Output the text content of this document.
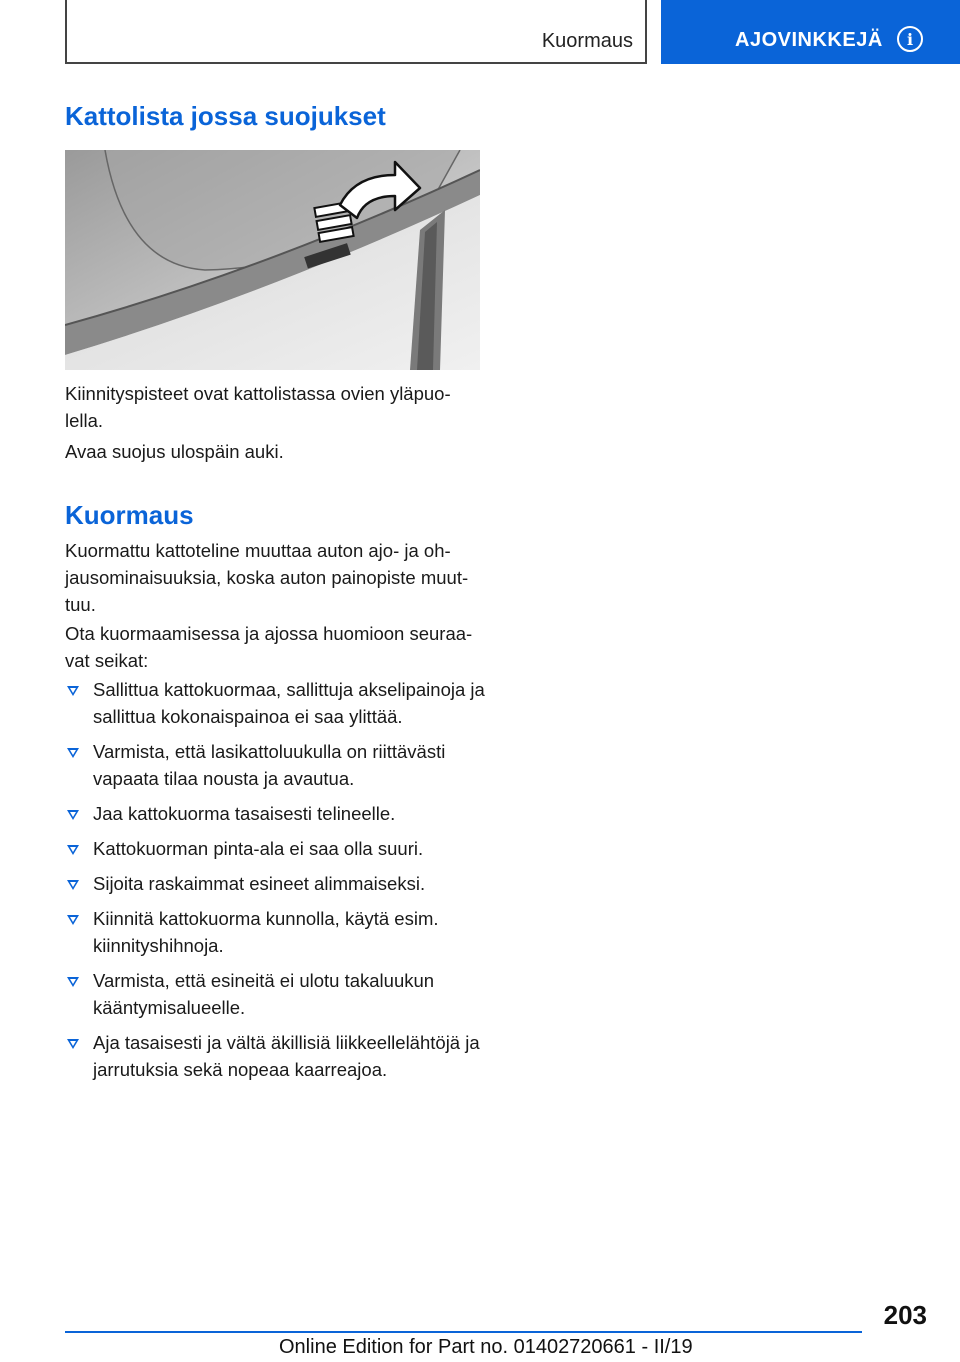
Kuormaus	AJOVINKKEJÄ	i
Kattolista jossa suojukset

Kiinnityspisteet ovat kattolistassa ovien yläpuo-lella.

Avaa suojus ulospäin auki.

Kuormaus

Kuormattu kattoteline muuttaa auton ajo- ja oh-jausominaisuuksia, koska auton painopiste muut-tuu.

Ota kuormaamisessa ja ajossa huomioon seuraa-vat seikat:

Sallittua kattokuormaa, sallittuja akselipainoja ja sallittua kokonaispainoa ei saa ylittää.
Varmista, että lasikattoluukulla on riittävästi vapaata tilaa nousta ja avautua.
Jaa kattokuorma tasaisesti telineelle.
Kattokuorman pinta-ala ei saa olla suuri.
Sijoita raskaimmat esineet alimmaiseksi.
Kiinnitä kattokuorma kunnolla, käytä esim. kiinnityshihnoja.
Varmista, että esineitä ei ulotu takaluukun kääntymisalueelle.
Aja tasaisesti ja vältä äkillisiä liikkeellelähtöjä ja jarrutuksia sekä nopeaa kaarreajoa.
203
Online Edition for Part no. 01402720661 - II/19
